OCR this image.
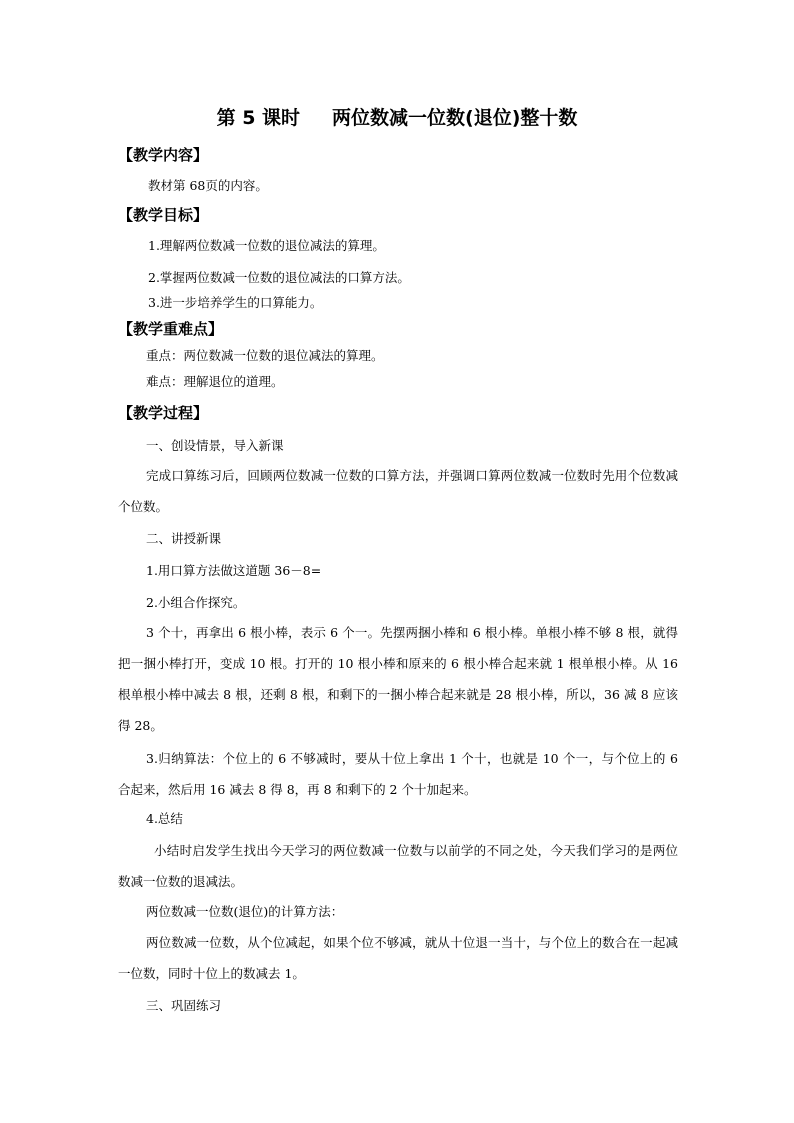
第 5 课时 两位数减一位数(退位)整十数
【教学内容】
教材第 68页的内容。
【教学目标】
1.理解两位数减一位数的退位减法的算理。
2.掌握两位数减一位数的退位减法的口算方法。
3.进一步培养学生的口算能力。
【教学重难点】
重点：两位数减一位数的退位减法的算理。
难点：理解退位的道理。
【教学过程】
一、创设情景，导入新课
完成口算练习后，回顾两位数减一位数的口算方法，并强调口算两位数减一位数时先用个位数减个位数。
二、讲授新课
1.用口算方法做这道题 36－8=
2.小组合作探究。
3 个十，再拿出 6 根小棒，表示 6 个一。先摆两捆小棒和 6 根小棒。单根小棒不够 8 根，就得把一捆小棒打开，变成 10 根。打开的 10 根小棒和原来的 6 根小棒合起来就 1 根单根小棒。从 16 根单根小棒中减去 8 根，还剩 8 根，和剩下的一捆小棒合起来就是 28 根小棒，所以，36 减 8 应该得 28。
3.归纳算法：个位上的 6 不够减时，要从十位上拿出 1 个十，也就是 10 个一，与个位上的 6 合起来，然后用 16 减去 8 得 8，再 8 和剩下的 2 个十加起来。
4.总结
小结时启发学生找出今天学习的两位数减一位数与以前学的不同之处，今天我们学习的是两位数减一位数的退减法。
两位数减一位数(退位)的计算方法：
两位数减一位数，从个位减起，如果个位不够减，就从十位退一当十，与个位上的数合在一起减一位数，同时十位上的数减去 1。
三、巩固练习
